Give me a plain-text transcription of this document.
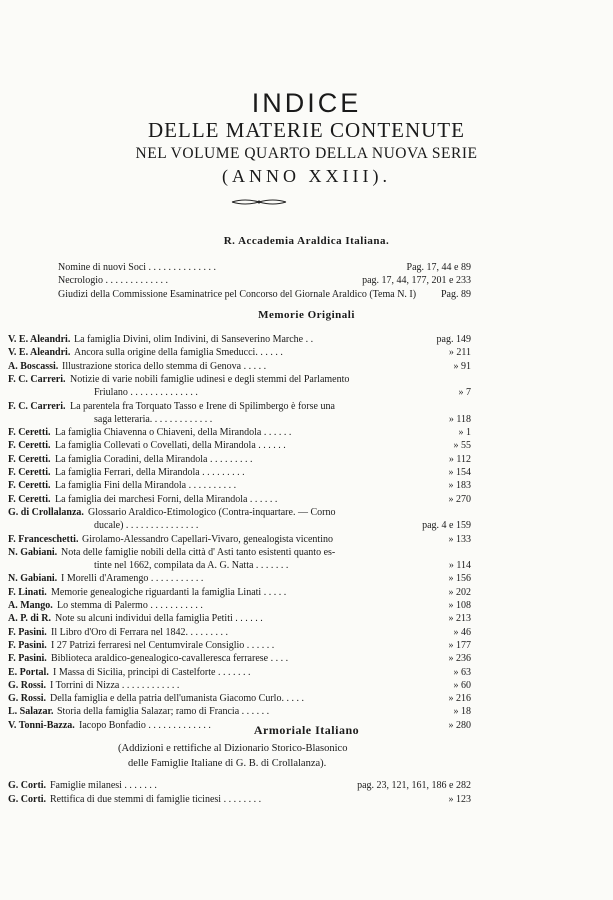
INDICE
DELLE MATERIE CONTENUTE
NEL VOLUME QUARTO DELLA NUOVA SERIE
(ANNO XXIII).
R. Accademia Araldica Italiana.
Nomine di nuovi Soci . . . . . . . . . . . . . .	Pag. 17, 44 e 89
Necrologio . . . . . . . . . . . . .	pag. 17, 44, 177, 201 e 233
Giudizi della Commissione Esaminatrice pel Concorso del Giornale Araldico (Tema N. I) Pag. 89
Memorie Originali
V. E. Aleandri. La famiglia Divini, olim Indivini, di Sanseverino Marche . .	pag. 149
V. E. Aleandri. Ancora sulla origine della famiglia Smeducci. . . . . .	» 211
A. Boscassi. Illustrazione storica dello stemma di Genova . . . . .	» 91
F. C. Carreri. Notizie di varie nobili famiglie udinesi e degli stemmi del Parlamento
Friulano . . . . . . . . . . . . . .	» 7
F. C. Carreri. La parentela fra Torquato Tasso e Irene di Spilimbergo è forse una
saga letteraria. . . . . . . . . . . . .	» 118
F. Ceretti. La famiglia Chiavenna o Chiaveni, della Mirandola . . . . . .	» 1
F. Ceretti. La famiglia Collevati o Covellati, della Mirandola . . . . . .	» 55
F. Ceretti. La famiglia Coradini, della Mirandola . . . . . . . . .	» 112
F. Ceretti. La famiglia Ferrari, della Mirandola . . . . . . . . .	» 154
F. Ceretti. La famiglia Fini della Mirandola . . . . . . . . . .	» 183
F. Ceretti. La famiglia dei marchesi Forni, della Mirandola . . . . . .	» 270
G. di Crollalanza. Glossario Araldico-Etimologico (Contra-inquartare. — Corno
ducale) . . . . . . . . . . . . . . .	pag. 4 e 159
F. Franceschetti. Girolamo-Alessandro Capellari-Vivaro, genealogista vicentino	» 133
N. Gabiani. Nota delle famiglie nobili della città d' Asti tanto esistenti quanto es-
tinte nel 1662, compilata da A. G. Natta . . . . . . .	» 114
N. Gabiani. I Morelli d'Aramengo . . . . . . . . . . .	» 156
F. Linati. Memorie genealogiche riguardanti la famiglia Linati . . . . .	» 202
A. Mango. Lo stemma di Palermo . . . . . . . . . . .	» 108
A. P. di R. Note su alcuni individui della famiglia Petiti . . . . . .	» 213
F. Pasini. Il Libro d'Oro di Ferrara nel 1842. . . . . . . . .	» 46
F. Pasini. I 27 Patrizi ferraresi nel Centumvirale Consiglio . . . . . .	» 177
F. Pasini. Biblioteca araldico-genealogico-cavalleresca ferrarese . . . .	» 236
E. Portal. I Massa di Sicilia, principi di Castelforte . . . . . . .	» 63
G. Rossi. I Torrini di Nizza . . . . . . . . . . . .	» 60
G. Rossi. Della famiglia e della patria dell'umanista Giacomo Curlo. . . . .	» 216
L. Salazar. Storia della famiglia Salazar; ramo di Francia . . . . . .	» 18
V. Tonni-Bazza. Iacopo Bonfadio . . . . . . . . . . . . .	» 280
Armoriale Italiano
(Addizioni e rettifiche al Dizionario Storico-Blasonico
delle Famiglie Italiane di G. B. di Crollalanza).
G. Corti. Famiglie milanesi . . . . . . .	pag. 23, 121, 161, 186 e 282
G. Corti. Rettifica di due stemmi di famiglie ticinesi . . . . . . . .	» 123
